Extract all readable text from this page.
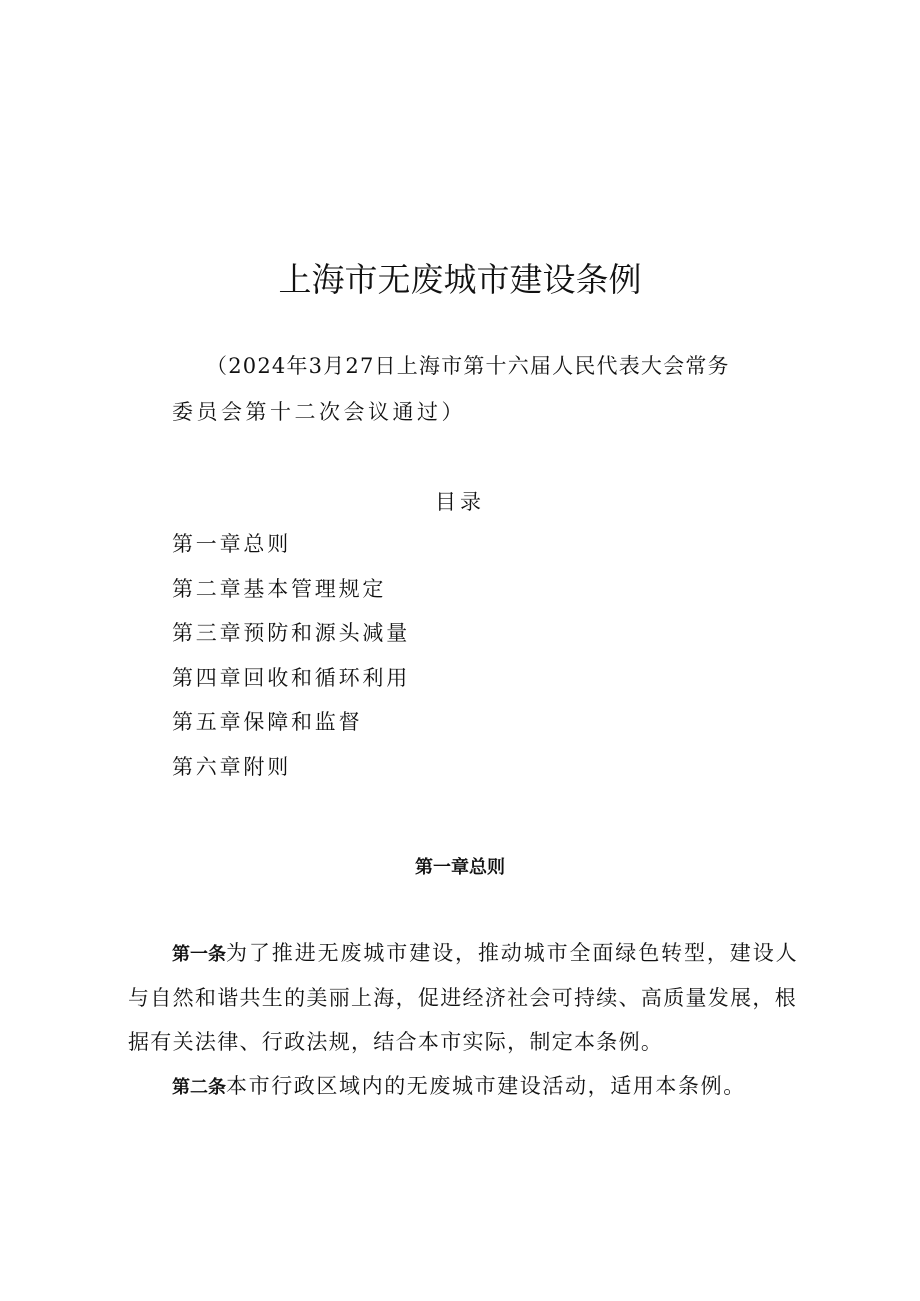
上海市无废城市建设条例
（2024年3月27日上海市第十六届人民代表大会常务
委员会第十二次会议通过）
目录
第一章总则
第二章基本管理规定
第三章预防和源头减量
第四章回收和循环利用
第五章保障和监督
第六章附则
第一章总则
第一条为了推进无废城市建设，推动城市全面绿色转型，建设人
与自然和谐共生的美丽上海，促进经济社会可持续、高质量发展，根
据有关法律、行政法规，结合本市实际，制定本条例。
第二条本市行政区域内的无废城市建设活动，适用本条例。
